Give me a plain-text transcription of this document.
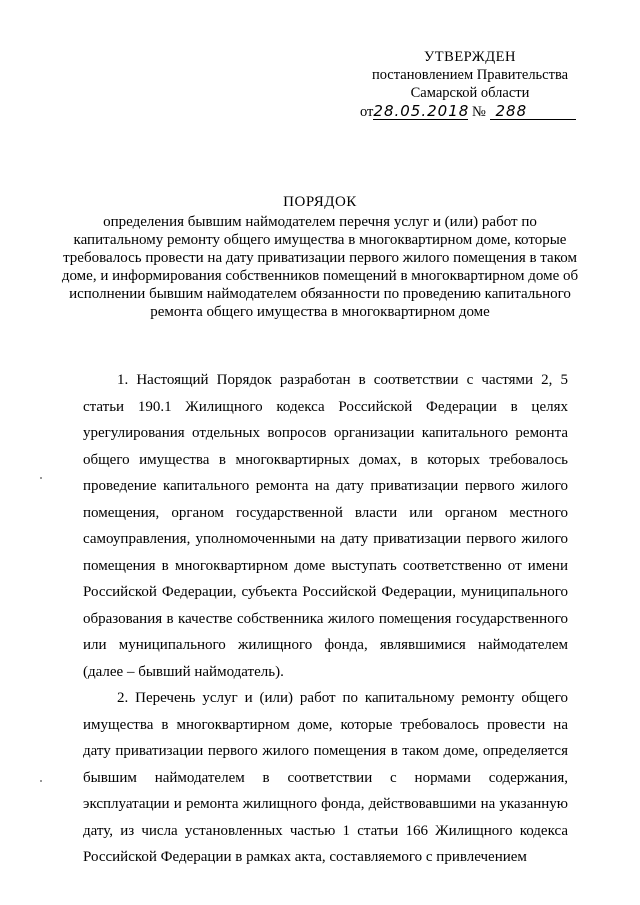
УТВЕРЖДЕН
постановлением Правительства
Самарской области
от28.05.2018 № 288
ПОРЯДОК
определения бывшим наймодателем перечня услуг и (или) работ по капитальному ремонту общего имущества в многоквартирном доме, которые требовалось провести на дату приватизации первого жилого помещения в таком доме, и информирования собственников помещений в многоквартирном доме об исполнении бывшим наймодателем обязанности по проведению капитального ремонта общего имущества в многоквартирном доме

1. Настоящий Порядок разработан в соответствии с частями 2, 5 статьи 190.1 Жилищного кодекса Российской Федерации в целях урегулирования отдельных вопросов организации капитального ремонта общего имущества в многоквартирных домах, в которых требовалось проведение капитального ремонта на дату приватизации первого жилого помещения, органом государственной власти или органом местного самоуправления, уполномоченными на дату приватизации первого жилого помещения в многоквартирном доме выступать соответственно от имени Российской Федерации, субъекта Российской Федерации, муниципального образования в качестве собственника жилого помещения государственного или муниципального жилищного фонда, являвшимися наймодателем (далее – бывший наймодатель).

2. Перечень услуг и (или) работ по капитальному ремонту общего имущества в многоквартирном доме, которые требовалось провести на дату приватизации первого жилого помещения в таком доме, определяется бывшим наймодателем в соответствии с нормами содержания, эксплуатации и ремонта жилищного фонда, действовавшими на указанную дату, из числа установленных частью 1 статьи 166 Жилищного кодекса Российской Федерации в рамках акта, составляемого с привлечением
